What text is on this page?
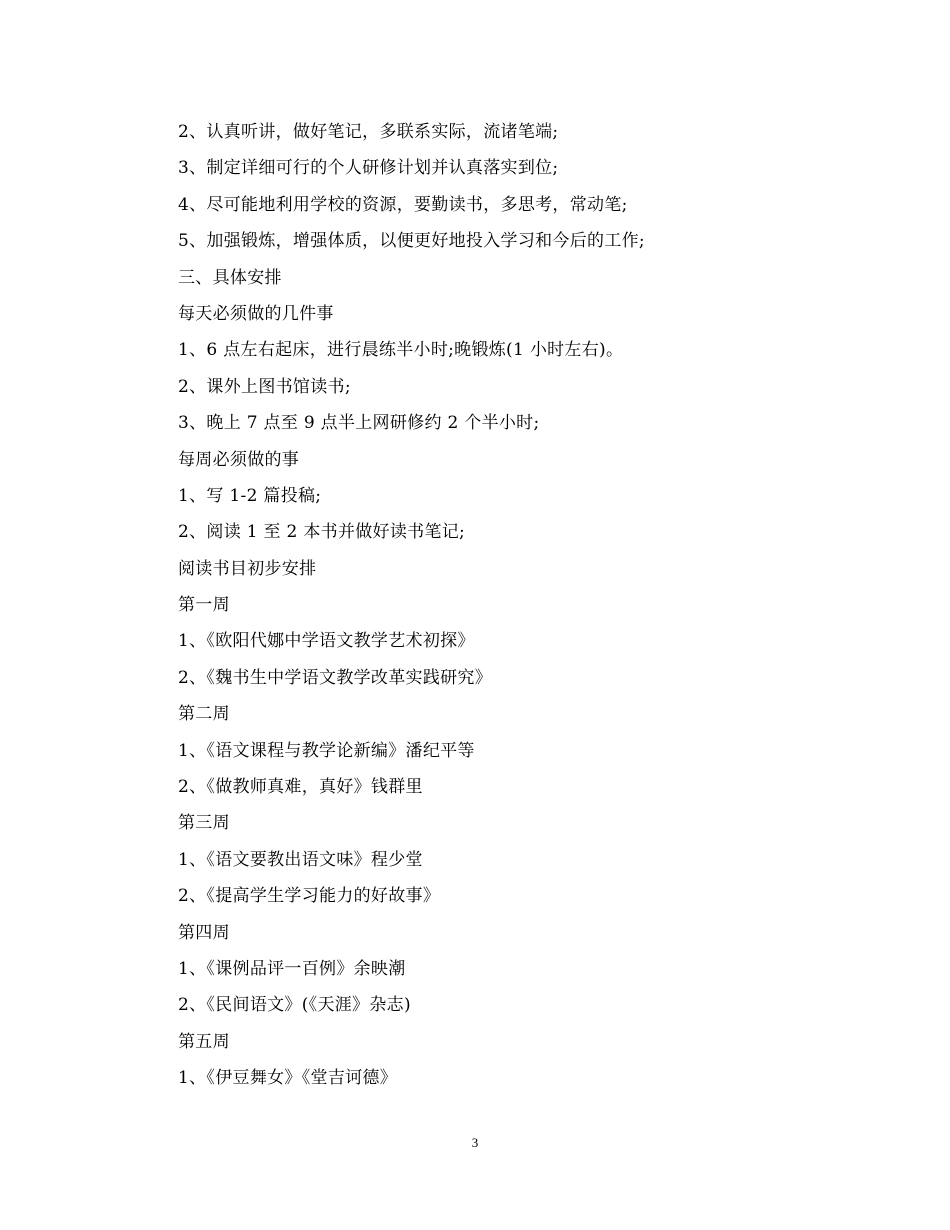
2、认真听讲，做好笔记，多联系实际，流诸笔端;
3、制定详细可行的个人研修计划并认真落实到位;
4、尽可能地利用学校的资源，要勤读书，多思考，常动笔;
5、加强锻炼，增强体质，以便更好地投入学习和今后的工作;
三、具体安排
每天必须做的几件事
1、6 点左右起床，进行晨练半小时;晚锻炼(1 小时左右)。
2、课外上图书馆读书;
3、晚上 7 点至 9 点半上网研修约 2 个半小时;
每周必须做的事
1、写 1-2 篇投稿;
2、阅读 1 至 2 本书并做好读书笔记;
阅读书目初步安排
第一周
1、《欧阳代娜中学语文教学艺术初探》
2、《魏书生中学语文教学改革实践研究》
第二周
1、《语文课程与教学论新编》潘纪平等
2、《做教师真难，真好》钱群里
第三周
1、《语文要教出语文味》程少堂
2、《提高学生学习能力的好故事》
第四周
1、《课例品评一百例》余映潮
2、《民间语文》(《天涯》杂志)
第五周
1、《伊豆舞女》《堂吉诃德》
3
